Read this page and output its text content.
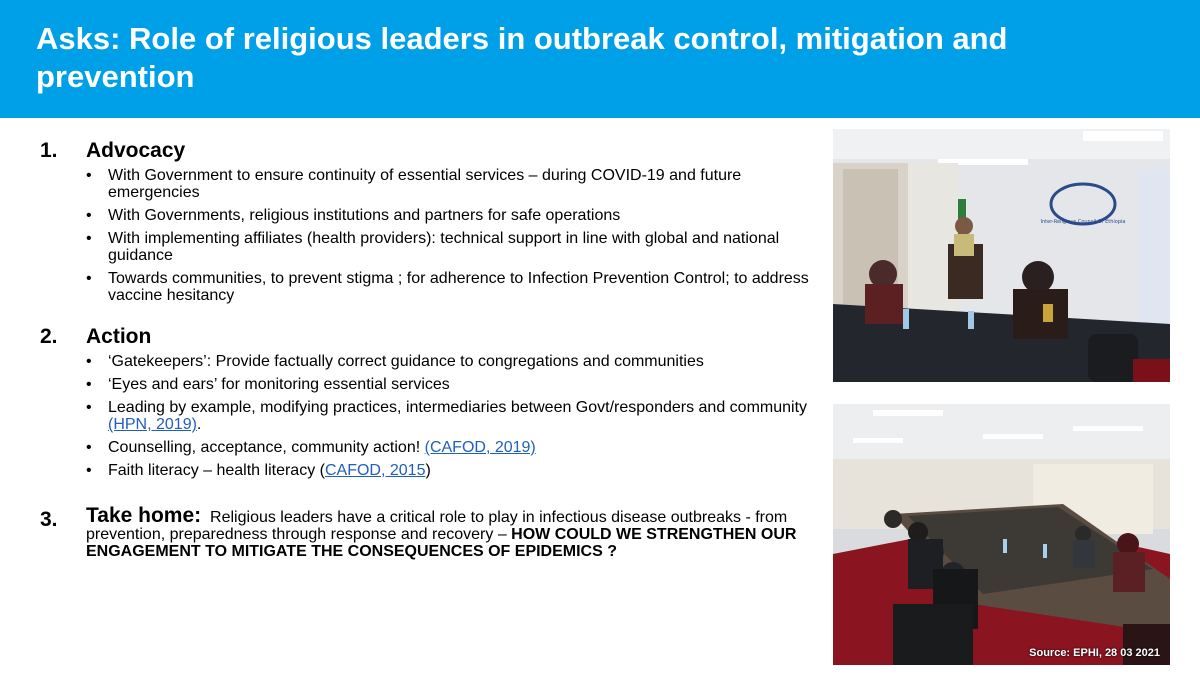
Asks: Role of religious leaders in outbreak control, mitigation and prevention
1. Advocacy
• With Government to ensure continuity of essential services – during COVID-19 and future emergencies
• With Governments, religious institutions and partners for safe operations
• With implementing affiliates (health providers): technical support in line with global and national guidance
• Towards communities, to prevent stigma ; for adherence to Infection Prevention Control; to address vaccine hesitancy
2. Action
• ‘Gatekeepers’: Provide factually correct guidance to congregations and communities
• ‘Eyes and ears’ for monitoring essential services
• Leading by example, modifying practices, intermediaries between Govt/responders and community (HPN, 2019).
• Counselling, acceptance, community action! (CAFOD, 2019)
• Faith literacy – health literacy (CAFOD, 2015)
3. Take home: Religious leaders have a critical role to play in infectious disease outbreaks - from prevention, preparedness through response and recovery – HOW COULD WE STRENGTHEN OUR ENGAGEMENT TO MITIGATE THE CONSEQUENCES OF EPIDEMICS ?
Inter-Religious Council Of Ethiopia
Source: EPHI, 28 03 2021
